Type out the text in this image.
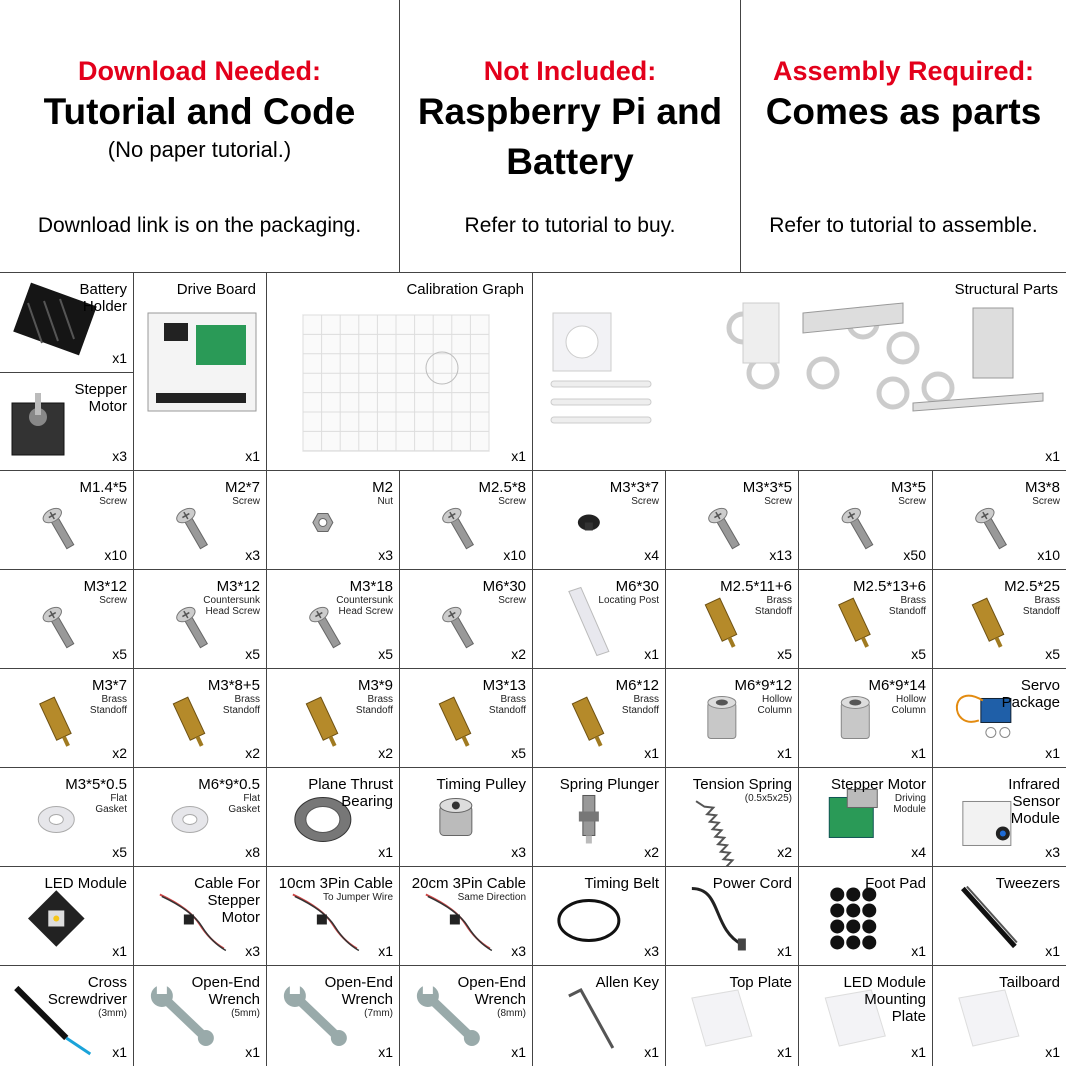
Download Needed:
Tutorial and Code
(No paper tutorial.)
Download link is on the packaging.
Not Included:
Raspberry Pi and
Battery
Refer to tutorial to buy.
Assembly Required:
Comes as parts
Refer to tutorial to assemble.
Battery
Holder
x1
Stepper
Motor
x3
Drive Board
x1
Calibration Graph
x1
Structural Parts
x1
M1.4*5
Screw
x10
M2*7
Screw
x3
M2
Nut
x3
M2.5*8
Screw
x10
M3*3*7
Screw
x4
M3*3*5
Screw
x13
M3*5
Screw
x50
M3*8
Screw
x10
M3*12
Screw
x5
M3*12
Countersunk
Head Screw
x5
M3*18
Countersunk
Head Screw
x5
M6*30
Screw
x2
M6*30
Locating Post
x1
M2.5*11+6
Brass
Standoff
x5
M2.5*13+6
Brass
Standoff
x5
M2.5*25
Brass
Standoff
x5
M3*7
Brass
Standoff
x2
M3*8+5
Brass
Standoff
x2
M3*9
Brass
Standoff
x2
M3*13
Brass
Standoff
x5
M6*12
Brass
Standoff
x1
M6*9*12
Hollow
Column
x1
M6*9*14
Hollow
Column
x1
Servo
Package
x1
M3*5*0.5
Flat
Gasket
x5
M6*9*0.5
Flat
Gasket
x8
Plane Thrust
Bearing
x1
Timing Pulley
x3
Spring Plunger
x2
Tension Spring
(0.5x5x25)
x2
Stepper Motor
Driving
Module
x4
Infrared
Sensor
Module
x3
LED Module
x1
Cable For
Stepper
Motor
x3
10cm 3Pin Cable
To Jumper Wire
x1
20cm 3Pin Cable
Same Direction
x3
Timing Belt
x3
Power Cord
x1
Foot Pad
x1
Tweezers
x1
Cross
Screwdriver
(3mm)
x1
Open-End
Wrench
(5mm)
x1
Open-End
Wrench
(7mm)
x1
Open-End
Wrench
(8mm)
x1
Allen Key
x1
Top Plate
x1
LED Module
Mounting
Plate
x1
Tailboard
x1
